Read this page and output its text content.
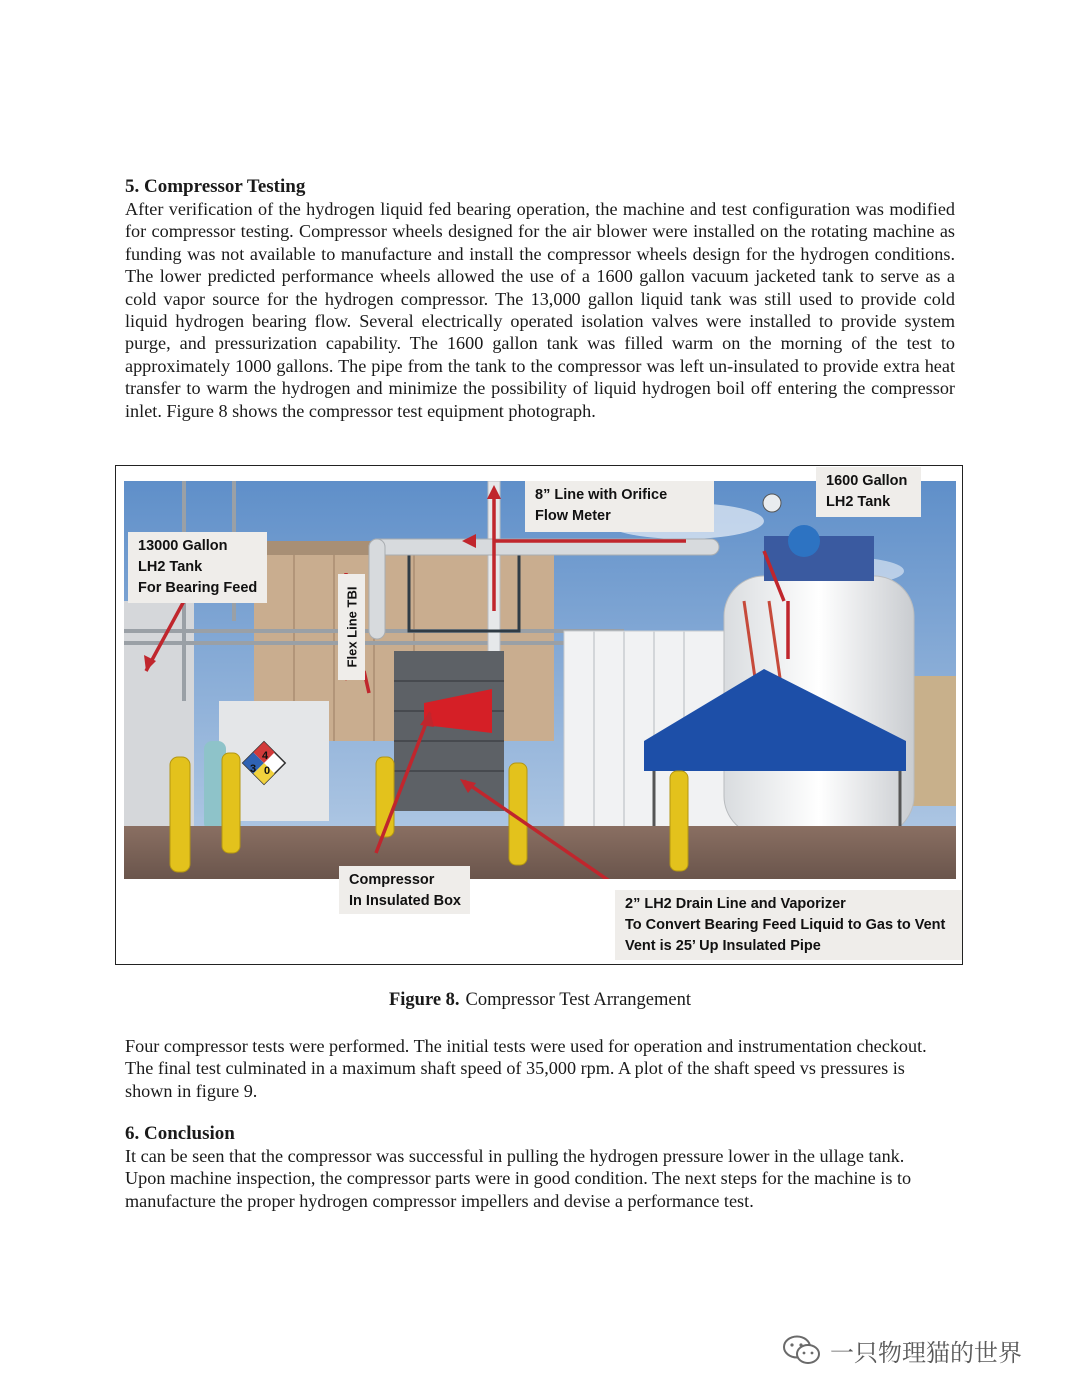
5. Compressor Testing

After verification of the hydrogen liquid fed bearing operation, the machine and test configuration was modified for compressor testing. Compressor wheels designed for the air blower were installed on the rotating machine as funding was not available to manufacture and install the compressor wheels design for the hydrogen conditions. The lower predicted performance wheels allowed the use of a 1600 gallon vacuum jacketed tank to serve as a cold vapor source for the hydrogen compressor. The 13,000 gallon liquid tank was still used to provide cold liquid hydrogen bearing flow. Several electrically operated isolation valves were installed to provide system purge, and pressurization capability. The 1600 gallon tank was filled warm on the morning of the test to approximately 1000 gallons. The pipe from the tank to the compressor was left un-insulated to provide extra heat transfer to warm the hydrogen and minimize the possibility of liquid hydrogen boil off entering the compressor inlet. Figure 8 shows the compressor test equipment photograph.

4
3 0
13000 Gallon
LH2 Tank
For Bearing Feed
8” Line with Orifice
Flow Meter
1600 Gallon
LH2 Tank
Flex Line TBI
Compressor
In Insulated Box	2” LH2 Drain Line and Vaporizer
To Convert Bearing Feed Liquid to Gas to Vent
Vent is 25’ Up Insulated Pipe
Figure 8. Compressor Test Arrangement

Four compressor tests were performed. The initial tests were used for operation and instrumentation checkout. The final test culminated in a maximum shaft speed of 35,000 rpm. A plot of the shaft speed vs pressures is shown in figure 9.

6. Conclusion

It can be seen that the compressor was successful in pulling the hydrogen pressure lower in the ullage tank. Upon machine inspection, the compressor parts were in good condition. The next steps for the machine is to manufacture the proper hydrogen compressor impellers and devise a performance test.

一只物理猫的世界
